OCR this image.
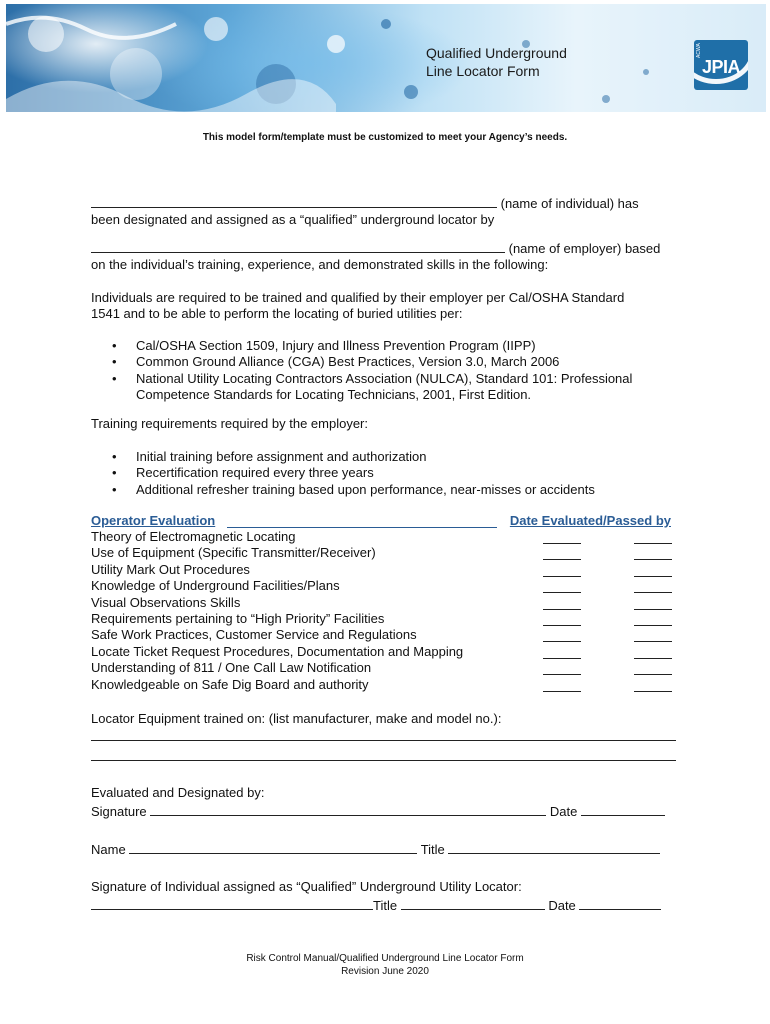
Qualified Underground
Line Locator Form
ACWA
JPIA
This model form/template must be customized to meet your Agency’s needs.
(name of individual) has
been designated and assigned as a “qualified” underground locator by
(name of employer) based
on the individual’s training, experience, and demonstrated skills in the following:
Individuals are required to be trained and qualified by their employer per Cal/OSHA Standard
1541 and to be able to perform the locating of buried utilities per:
• Cal/OSHA Section 1509, Injury and Illness Prevention Program (IIPP)
• Common Ground Alliance (CGA) Best Practices, Version 3.0, March 2006
• National Utility Locating Contractors Association (NULCA), Standard 101: Professional
Competence Standards for Locating Technicians, 2001, First Edition.
Training requirements required by the employer:
• Initial training before assignment and authorization
• Recertification required every three years
• Additional refresher training based upon performance, near-misses or accidents
Operator Evaluation	Date Evaluated/Passed by
Theory of Electromagnetic Locating
Use of Equipment (Specific Transmitter/Receiver)
Utility Mark Out Procedures
Knowledge of Underground Facilities/Plans
Visual Observations Skills
Requirements pertaining to “High Priority” Facilities
Safe Work Practices, Customer Service and Regulations
Locate Ticket Request Procedures, Documentation and Mapping
Understanding of 811 / One Call Law Notification
Knowledgeable on Safe Dig Board and authority
Locator Equipment trained on: (list manufacturer, make and model no.):
Evaluated and Designated by:
Signature	Date
Name	Title
Signature of Individual assigned as “Qualified” Underground Utility Locator:
Title	Date
Risk Control Manual/Qualified Underground Line Locator Form
Revision June 2020
